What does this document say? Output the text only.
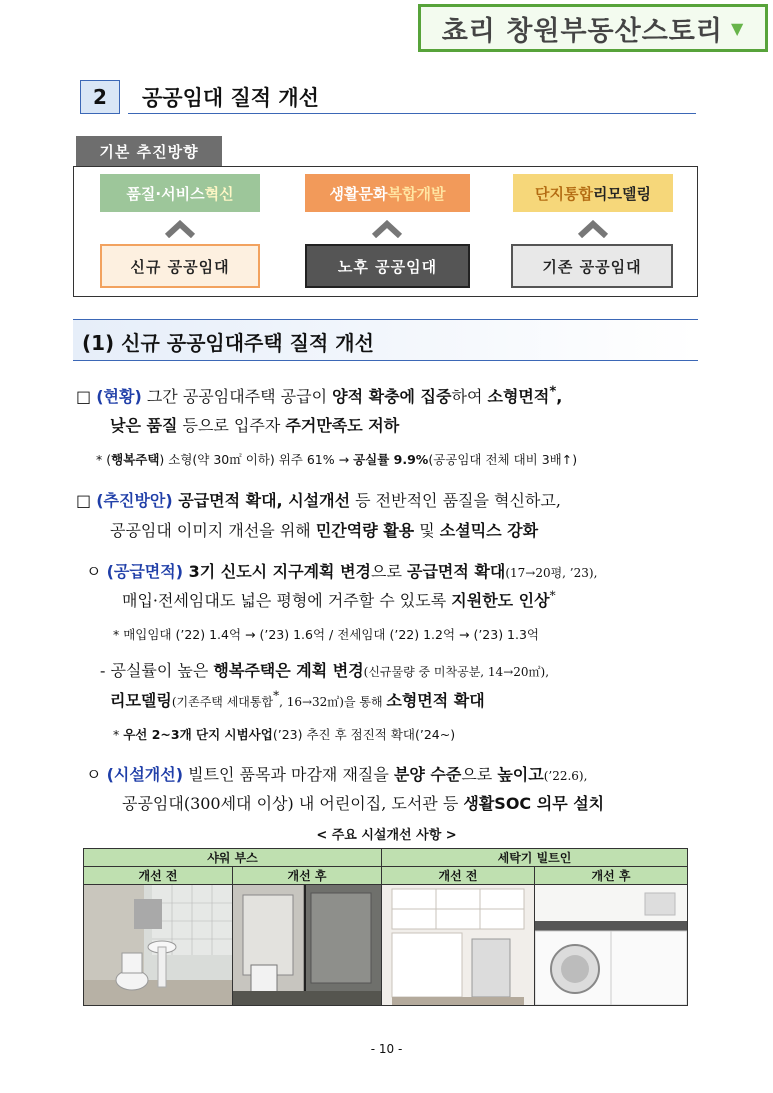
쵸리 창원부동산스토리 ▼
2	공공임대 질적 개선
기본 추진방향
품질·서비스 혁신	생활문화 복합개발	단지통합 리모델링
신규 공공임대	노후 공공임대	기존 공공임대
(1) 신규 공공임대주택 질적 개선
□ (현황) 그간 공공임대주택 공급이 양적 확충에 집중하여 소형면적*,
낮은 품질 등으로 입주자 주거만족도 저하
* (행복주택) 소형(약 30㎡ 이하) 위주 61% → 공실률 9.9%(공공임대 전체 대비 3배↑)
□ (추진방안) 공급면적 확대, 시설개선 등 전반적인 품질을 혁신하고,
공공임대 이미지 개선을 위해 민간역량 활용 및 소셜믹스 강화
ㅇ (공급면적) 3기 신도시 지구계획 변경으로 공급면적 확대(17→20평, ’23),
매입·전세임대도 넓은 평형에 거주할 수 있도록 지원한도 인상*
* 매입임대 (’22) 1.4억 → (’23) 1.6억 / 전세임대 (’22) 1.2억 → (’23) 1.3억
- 공실률이 높은 행복주택은 계획 변경(신규물량 중 미착공분, 14→20㎡),
리모델링(기존주택 세대통합*, 16→32㎡)을 통해 소형면적 확대
* 우선 2~3개 단지 시범사업(’23) 추진 후 점진적 확대(’24~)
ㅇ (시설개선) 빌트인 품목과 마감재 재질을 분양 수준으로 높이고(’22.6),
공공임대(300세대 이상) 내 어린이집, 도서관 등 생활SOC 의무 설치
< 주요 시설개선 사항 >
샤워 부스		세탁기 빌트인	
개선 전	개선 후	개선 전	개선 후

- 10 -
